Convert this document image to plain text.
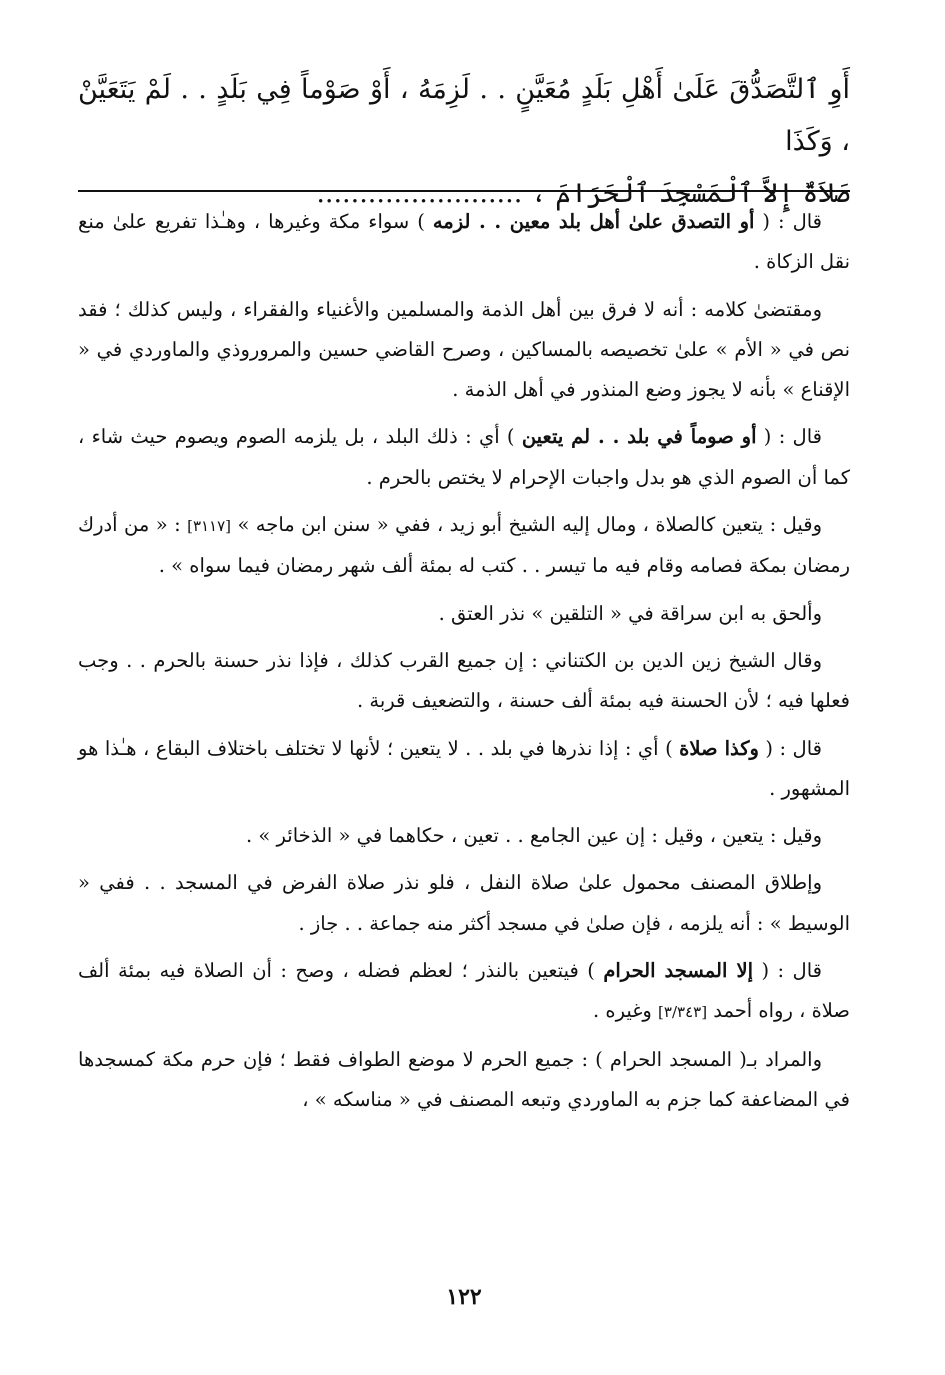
أَوِ ٱلتَّصَدُّقَ عَلَىٰ أَهْلِ بَلَدٍ مُعَيَّنٍ . . لَزِمَهُ ، أَوْ صَوْماً فِي بَلَدٍ . . لَمْ يَتَعَيَّنْ ، وَكَذَا
صَلاَةٌ إِلاَّ ٱلْمَسْجِدَ ٱلْحَرَامَ ، ........................

قال : ( أو التصدق علىٰ أهل بلد معين . . لزمه ) سواء مكة وغيرها ، وهـٰذا تفريع علىٰ منع نقل الزكاة .

ومقتضىٰ كلامه : أنه لا فرق بين أهل الذمة والمسلمين والأغنياء والفقراء ، وليس كذلك ؛ فقد نص في « الأم » علىٰ تخصيصه بالمساكين ، وصرح القاضي حسين والمروروذي والماوردي في « الإقناع » بأنه لا يجوز وضع المنذور في أهل الذمة .

قال : ( أو صوماً في بلد . . لم يتعين ) أي : ذلك البلد ، بل يلزمه الصوم ويصوم حيث شاء ، كما أن الصوم الذي هو بدل واجبات الإحرام لا يختص بالحرم .

وقيل : يتعين كالصلاة ، ومال إليه الشيخ أبو زيد ، ففي « سنن ابن ماجه » [٣١١٧] : « من أدرك رمضان بمكة فصامه وقام فيه ما تيسر . . كتب له بمئة ألف شهر رمضان فيما سواه » .

وألحق به ابن سراقة في « التلقين » نذر العتق .

وقال الشيخ زين الدين بن الكتناني : إن جميع القرب كذلك ، فإذا نذر حسنة بالحرم . . وجب فعلها فيه ؛ لأن الحسنة فيه بمئة ألف حسنة ، والتضعيف قربة .

قال : ( وكذا صلاة ) أي : إذا نذرها في بلد . . لا يتعين ؛ لأنها لا تختلف باختلاف البقاع ، هـٰذا هو المشهور .

وقيل : يتعين ، وقيل : إن عين الجامع . . تعين ، حكاهما في « الذخائر » .

وإطلاق المصنف محمول علىٰ صلاة النفل ، فلو نذر صلاة الفرض في المسجد . . ففي « الوسيط » : أنه يلزمه ، فإن صلىٰ في مسجد أكثر منه جماعة . . جاز .

قال : ( إلا المسجد الحرام ) فيتعين بالنذر ؛ لعظم فضله ، وصح : أن الصلاة فيه بمئة ألف صلاة ، رواه أحمد [٣/٣٤٣] وغيره .

والمراد بـ( المسجد الحرام ) : جميع الحرم لا موضع الطواف فقط ؛ فإن حرم مكة كمسجدها في المضاعفة كما جزم به الماوردي وتبعه المصنف في « مناسكه » ،

١٢٢
